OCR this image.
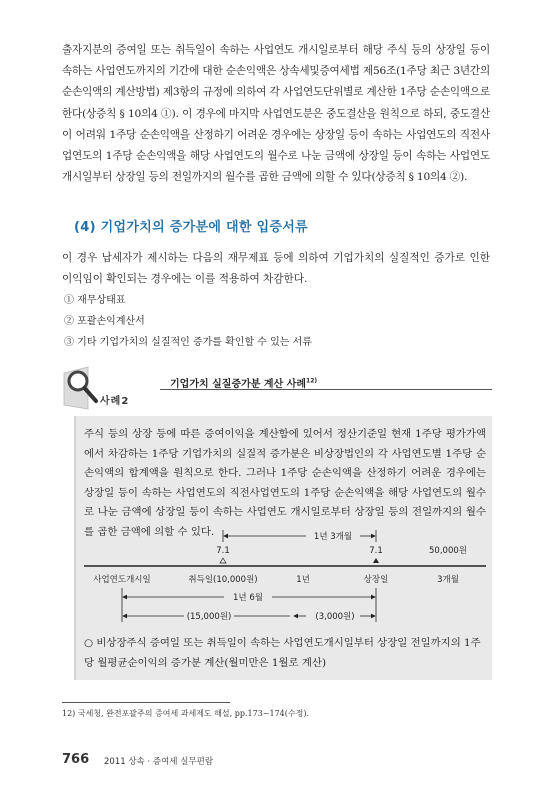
출자지분의 증여일 또는 취득일이 속하는 사업연도 개시일로부터 해당 주식 등의 상장일 등이 속하는 사업연도까지의 기간에 대한 순손익액은 상속세및증여세법 제56조(1주당 최근 3년간의 순손익액의 계산방법) 제3항의 규정에 의하여 각 사업연도단위별로 계산한 1주당 순손익액으로 한다(상증칙 § 10의4 ①). 이 경우에 마지막 사업연도분은 중도결산을 원칙으로 하되, 중도결산이 어려워 1주당 순손익액을 산정하기 어려운 경우에는 상장일 등이 속하는 사업연도의 직전사업연도의 1주당 순손익액을 해당 사업연도의 월수로 나눈 금액에 상장일 등이 속하는 사업연도개시일부터 상장일 등의 전일까지의 월수를 곱한 금액에 의할 수 있다(상증칙 § 10의4 ②).

(4) 기업가치의 증가분에 대한 입증서류

이 경우 납세자가 제시하는 다음의 재무제표 등에 의하여 기업가치의 실질적인 증가로 인한 이익임이 확인되는 경우에는 이를 적용하여 차감한다.

① 재무상태표
② 포괄손익계산서
③ 기타 기업가치의 실질적인 증가를 확인할 수 있는 서류
사례2
기업가치 실질증가분 계산 사례$^{12)}$

주식 등의 상장 등에 따른 증여이익을 계산함에 있어서 정산기준일 현재 1주당 평가가액에서 차감하는 1주당 기업가치의 실질적 증가분은 비상장법인의 각 사업연도별 1주당 순손익액의 합계액을 원칙으로 한다. 그러나 1주당 순손익액을 산정하기 어려운 경우에는 상장일 등이 속하는 사업연도의 직전사업연도의 1주당 순손익액을 해당 사업연도의 월수로 나눈 금액에 상장일 등이 속하는 사업연도 개시일로부터 상장일 등의 전일까지의 월수를 곱한 금액에 의할 수 있다.	1년 3개월
7.1	7.1	50,000원
사업연도개시일	취득일(10,000원)	1년	상장일	3개월
1년 6월
(15,000원)	(3,000원)

○ 비상장주식 증여일 또는 취득일이 속하는 사업연도개시일부터 상장일 전일까지의 1주당 월평균순이익의 증가분 계산(월미만은 1월로 계산)

12) 국세청, 완전포괄주의 증여세 과세제도 해설, pp.173~174(수정).

766 2011 상속 · 증여세 실무편람
